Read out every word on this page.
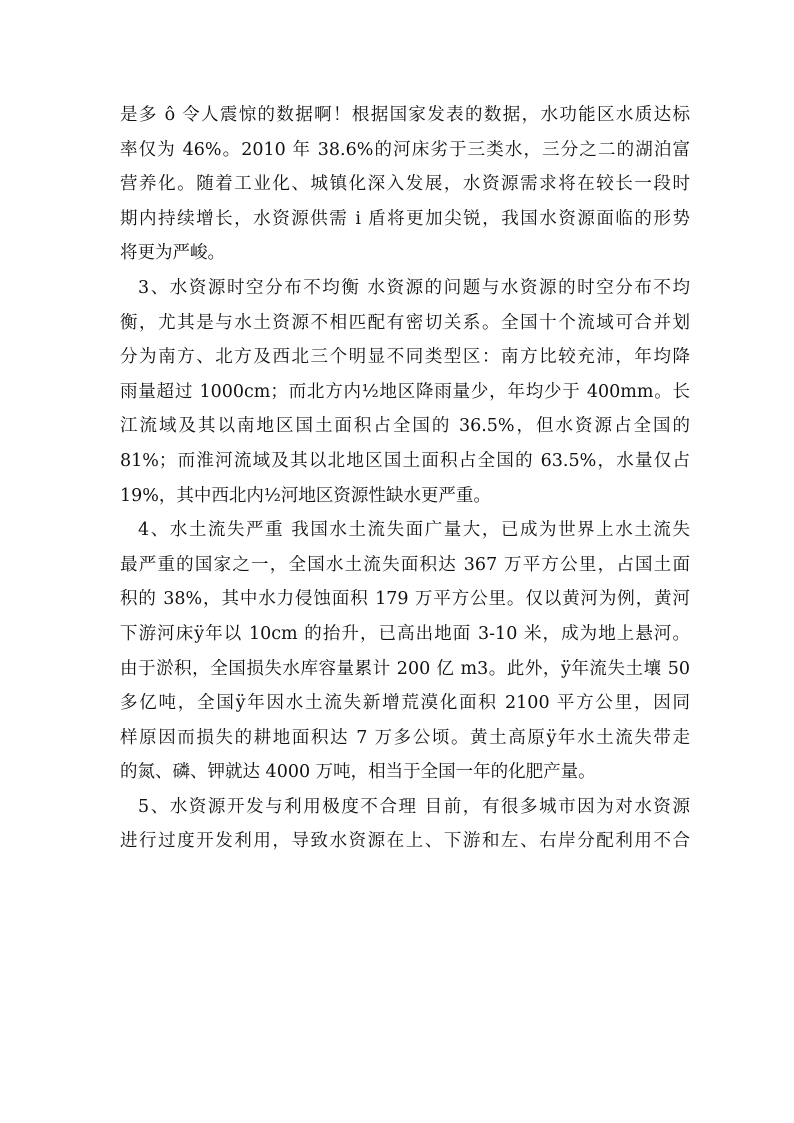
是多 ô 令人震惊的数据啊！根据国家发表的数据，水功能区水质达标
率仅为 46%。2010 年 38.6%的河床劣于三类水，三分之二的湖泊富
营养化。随着工业化、城镇化深入发展，水资源需求将在较长一段时
期内持续增长，水资源供需 i 盾将更加尖锐，我国水资源面临的形势
将更为严峻。
3、水资源时空分布不均衡 水资源的问题与水资源的时空分布不均
衡，尤其是与水土资源不相匹配有密切关系。全国十个流域可合并划
分为南方、北方及西北三个明显不同类型区：南方比较充沛，年均降
雨量超过 1000cm；而北方内½地区降雨量少，年均少于 400mm。长
江流域及其以南地区国土面积占全国的 36.5%，但水资源占全国的
81%；而淮河流域及其以北地区国土面积占全国的 63.5%，水量仅占
19%，其中西北内½河地区资源性缺水更严重。
4、水土流失严重 我国水土流失面广量大，已成为世界上水土流失
最严重的国家之一，全国水土流失面积达 367 万平方公里，占国土面
积的 38%，其中水力侵蚀面积 179 万平方公里。仅以黄河为例，黄河
下游河床ÿ年以 10cm 的抬升，已高出地面 3-10 米，成为地上悬河。
由于淤积，全国损失水库容量累计 200 亿 m3。此外，ÿ年流失土壤 50
多亿吨，全国ÿ年因水土流失新增荒漠化面积 2100 平方公里，因同
样原因而损失的耕地面积达 7 万多公顷。黄土高原ÿ年水土流失带走
的氮、磷、钾就达 4000 万吨，相当于全国一年的化肥产量。
5、水资源开发与利用极度不合理 目前，有很多城市因为对水资源
进行过度开发利用，导致水资源在上、下游和左、右岸分配利用不合
